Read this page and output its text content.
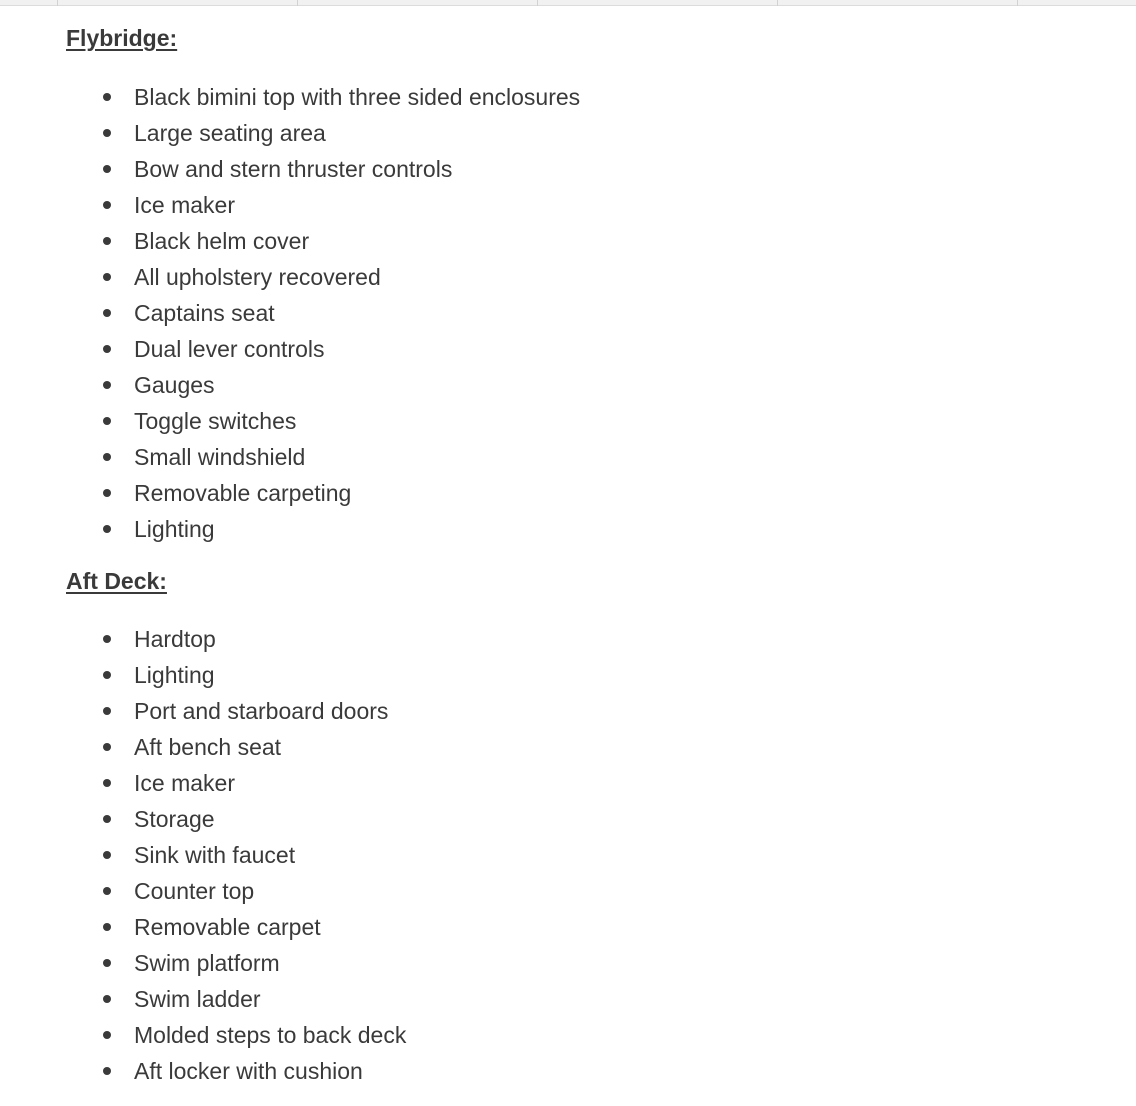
Flybridge:
Black bimini top with three sided enclosures
Large seating area
Bow and stern thruster controls
Ice maker
Black helm cover
All upholstery recovered
Captains seat
Dual lever controls
Gauges
Toggle switches
Small windshield
Removable carpeting
Lighting
Aft Deck:
Hardtop
Lighting
Port and starboard doors
Aft bench seat
Ice maker
Storage
Sink with faucet
Counter top
Removable carpet
Swim platform
Swim ladder
Molded steps to back deck
Aft locker with cushion
